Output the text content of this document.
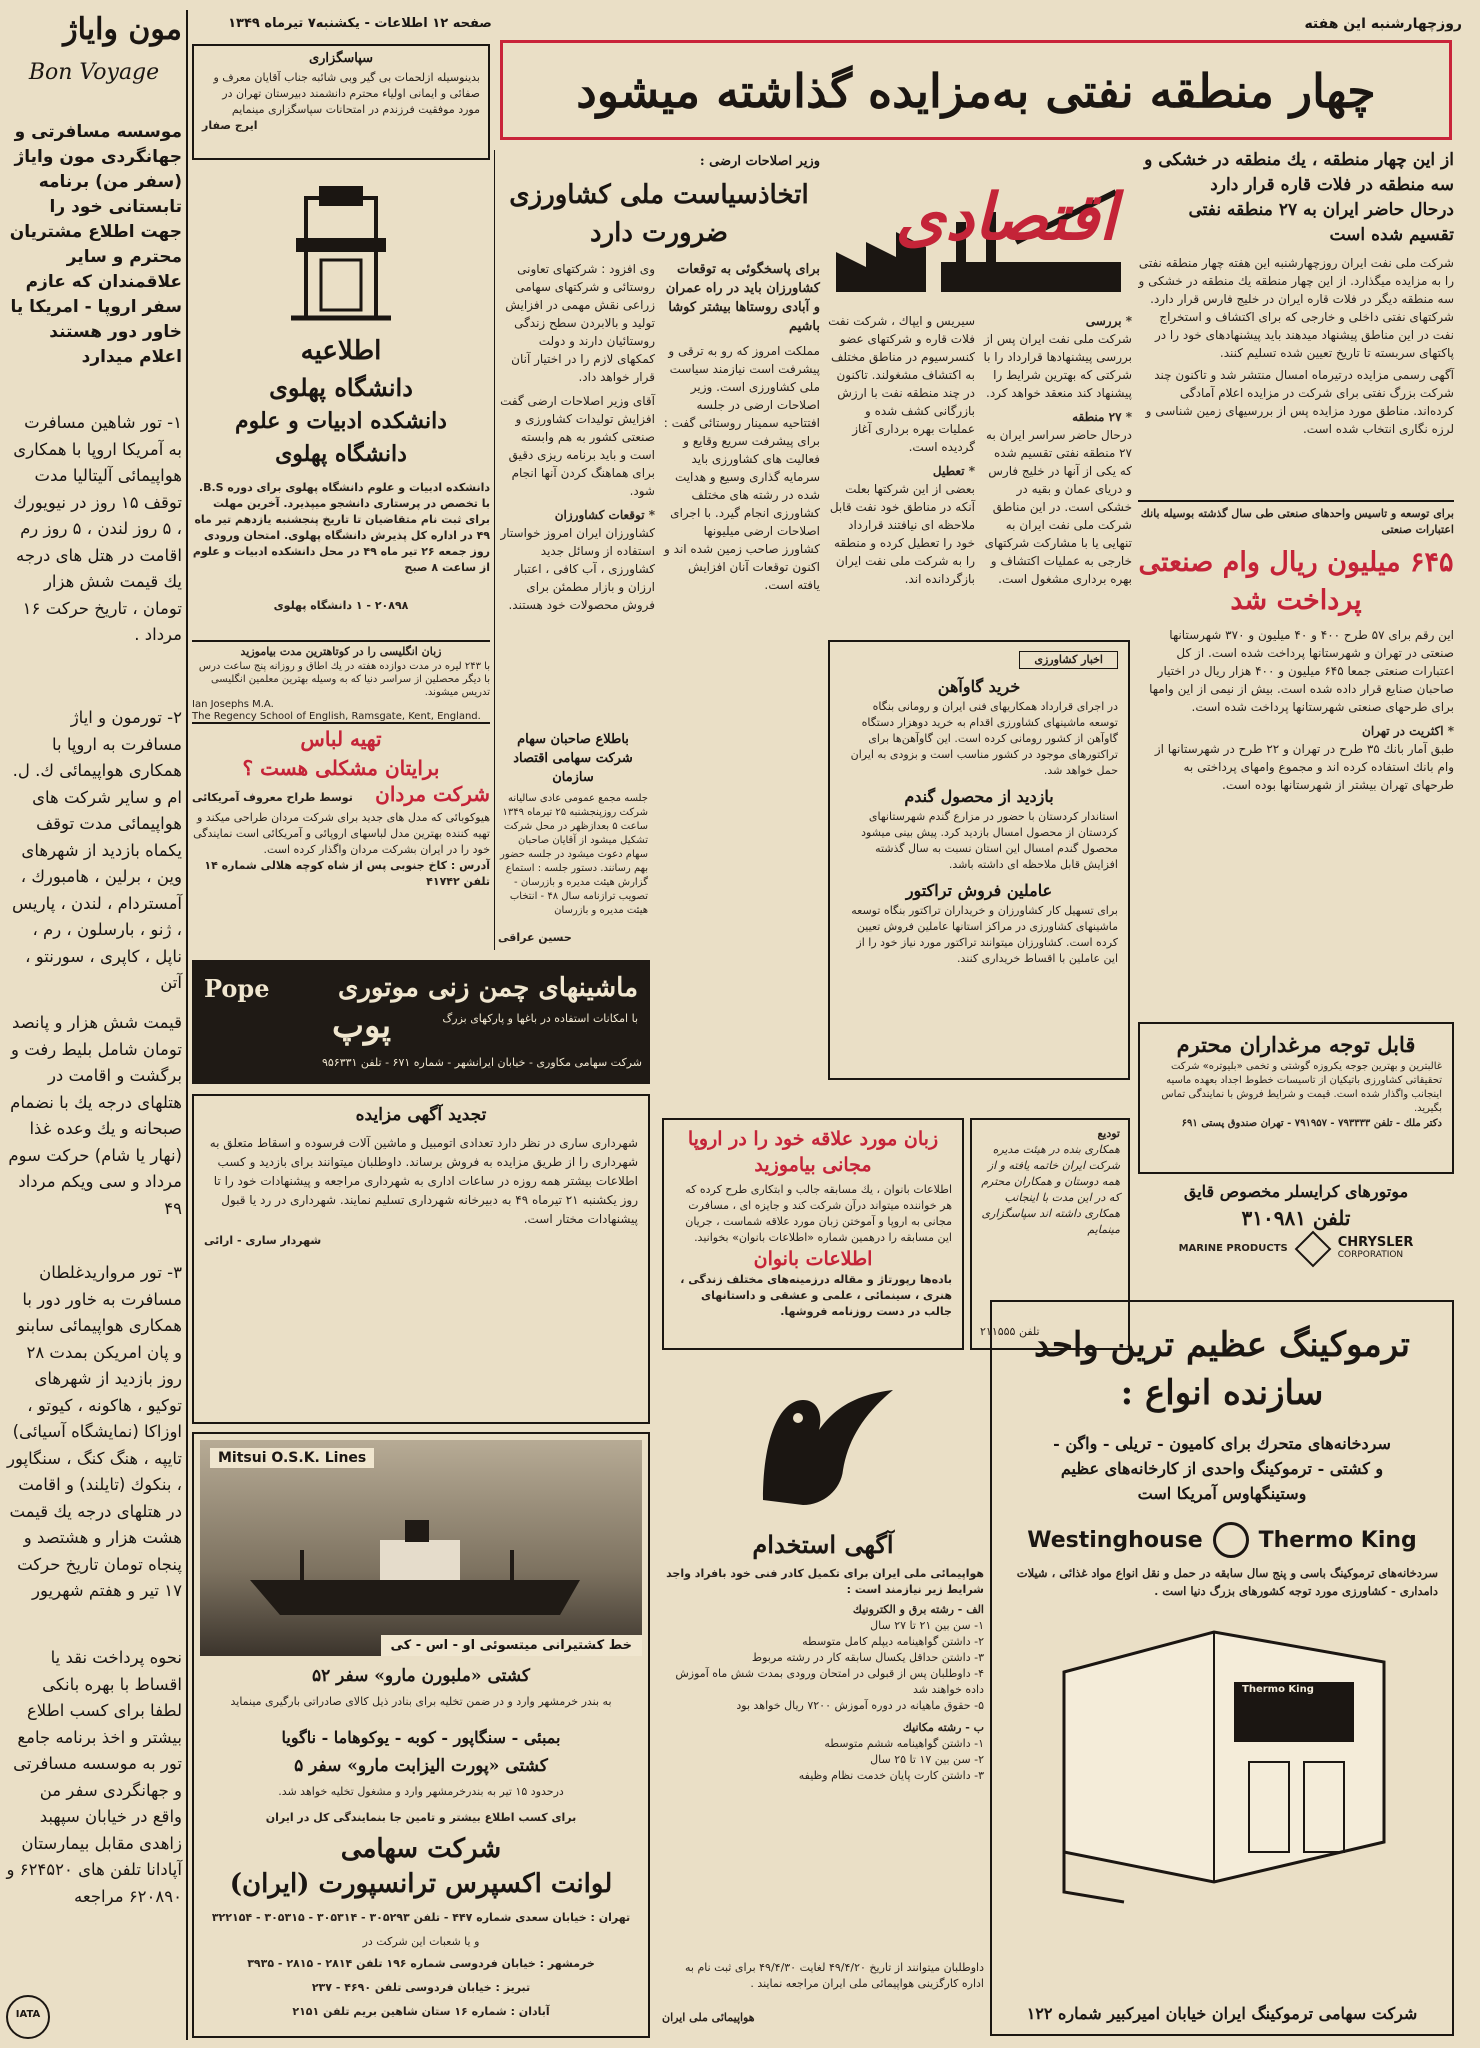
مون وایاژ
Bon Voyage
موسسه مسافرتی و جهانگردی مون وایاژ (سفر من) برنامه تابستانی خود را جهت اطلاع مشتریان محترم و سایر علاقمندان که عازم سفر اروپا - امریکا یا خاور دور هستند اعلام میدارد
۱- تور شاهین مسافرت به آمریکا اروپا با همکاری هواپیمائی آلیتالیا مدت توقف ۱۵ روز در نیویورك ، ۵ روز لندن ، ۵ روز رم اقامت در هتل های درجه یك قیمت شش هزار تومان ، تاریخ حرکت ۱۶ مرداد .
۲- تورمون و ایاژ مسافرت به اروپا با همکاری هواپیمائی ك. ل. ام و سایر شرکت های هواپیمائی مدت توقف یکماه بازدید از شهرهای وین ، برلین ، هامبورك ، آمستردام ، لندن ، پاریس ، ژنو ، بارسلون ، رم ، ناپل ، کاپری ، سورنتو ، آتن
قیمت شش هزار و پانصد تومان شامل بلیط رفت و برگشت و اقامت در هتلهای درجه یك با نضمام صبحانه و یك وعده غذا (نهار یا شام) حرکت سوم مرداد و سی ویکم مرداد ۴۹
۳- تور مرواریدغلطان مسافرت به خاور دور با همکاری هواپیمائی سابنو و پان امریکن بمدت ۲۸ روز بازدید از شهرهای توکیو ، هاکونه ، کیوتو ، اوزاکا (نمایشگاه آسیائی) تایپه ، هنگ کنگ ، سنگاپور ، بنکوك (تایلند) و اقامت در هتلهای درجه یك قیمت هشت هزار و هشتصد و پنجاه تومان تاریخ حرکت ۱۷ تیر و هفتم شهریور
نحوه پرداخت نقد یا اقساط با بهره بانکی لطفا برای کسب اطلاع بیشتر و اخذ برنامه جامع تور به موسسه مسافرتی و جهانگردی سفر من واقع در خیابان سپهبد زاهدی مقابل بیمارستان آپادانا تلفن های ۶۲۴۵۲۰ و ۶۲۰۸۹۰ مراجعه
IATA
صفحه ۱۲ اطلاعات - یکشنبه۷ تیرماه ۱۳۴۹	روزچهارشنبه این هفته
سپاسگزاری
بدینوسیله ازلحمات بی گیر وبی شائبه جناب آقایان معرف و صفائی و ایمانی اولیاء محترم دانشمند دبیرستان تهران در مورد موفقیت فرزندم در امتحانات سپاسگزاری مینمایم
ایرج صفار
چهار منطقه نفتی به‌مزایده گذاشته میشود
اطلاعیه
دانشگاه پهلوی
دانشکده ادبیات و علوم
دانشگاه پهلوی
دانشکده ادبیات و علوم دانشگاه پهلوی برای دوره B.S. با تخصص در پرستاری دانشجو میپذیرد. آخرین مهلت برای ثبت نام متقاضیان تا تاریخ پنجشنبه یازدهم تیر ماه ۴۹ در اداره کل پذیرش دانشگاه پهلوی. امتحان ورودی روز جمعه ۲۶ تیر ماه ۴۹ در محل دانشکده ادبیات و علوم از ساعت ۸ صبح
۲۰۸۹۸ - ۱ دانشگاه پهلوی
زبان انگلیسی را در کوتاهترین مدت بیاموزید
با ۲۴۳ لیره در مدت دوازده هفته در یك اطاق و روزانه پنج ساعت درس با دیگر محصلین از سراسر دنیا که به وسیله بهترین معلمین انگلیسی تدریس میشوند.
Ian Josephs M.A.
The Regency School of English, Ramsgate, Kent, England.
تهیه لباس
برایتان مشکلی هست ؟
شرکت مردان
توسط طراح معروف آمریکائی
هیوکوبائی که مدل های جدید برای شرکت مردان طراحی میکند و تهیه کننده بهترین مدل لباسهای اروپائی و آمریکائی است نمایندگی خود را در ایران بشرکت مردان واگذار کرده است.
آدرس : کاخ جنوبی پس از شاه کوچه هلالی شماره ۱۴
تلفن ۴۱۷۴۲
Pope	ماشینهای چمن زنی موتوری
با امکانات استفاده در باغها و پارکهای بزرگ
پوپ
شرکت سهامی مکاوری - خیابان ایرانشهر - شماره ۶۷۱ - تلفن ۹۵۶۳۳۱
تجدید آگهی مزایده
شهرداری ساری در نظر دارد تعدادی اتومبیل و ماشین آلات فرسوده و اسقاط متعلق به شهرداری را از طریق مزایده به فروش برساند. داوطلبان میتوانند برای بازدید و کسب اطلاعات بیشتر همه روزه در ساعات اداری به شهرداری مراجعه و پیشنهادات خود را تا روز یکشنبه ۲۱ تیرماه ۴۹ به دبیرخانه شهرداری تسلیم نمایند. شهرداری در رد یا قبول پیشنهادات مختار است.
شهردار ساری - ارائی
Mitsui O.S.K. Lines
خط کشتیرانی میتسوئی او - اس - کی
کشتی «ملبورن مارو» سفر ۵۲
به بندر خرمشهر وارد و در ضمن تخلیه برای بنادر ذیل کالای صادراتی بارگیری مینماید
بمبئی - سنگاپور - کوبه - یوکوهاما - ناگویا
کشتی «پورت الیزابت مارو» سفر ۵
درحدود ۱۵ تیر به بندرخرمشهر وارد و مشغول تخلیه خواهد شد.
برای کسب اطلاع بیشتر و تامین جا بنمایندگی کل در ایران
شرکت سهامی
لوانت اکسپرس ترانسپورت (ایران)
تهران : خیابان سعدی شماره ۴۴۷ - تلفن ۳۰۵۲۹۳ - ۳۰۵۳۱۴ - ۳۰۵۳۱۵ - ۳۲۲۱۵۴
و یا شعبات این شرکت در
خرمشهر : خیابان فردوسی شماره ۱۹۶ تلفن ۲۸۱۴ - ۲۸۱۵ - ۳۹۳۵
تبریز : خیابان فردوسی تلفن ۴۶۹۰ - ۲۳۷
آبادان : شماره ۱۶ ستان شاهین بریم تلفن ۲۱۵۱
وزیر اصلاحات ارضی :
اتخاذسیاست ملی کشاورزی ضرورت دارد
برای پاسخگوئی به توقعات کشاورزان باید در راه عمران و آبادی روستاها بیشتر کوشا باشیم
مملکت امروز که رو به ترقی و پیشرفت است نیازمند سیاست ملی کشاورزی است. وزیر اصلاحات ارضی در جلسه افتتاحیه سمینار روستائی گفت : برای پیشرفت سریع وقایع و فعالیت های کشاورزی باید سرمایه گذاری وسیع و هدایت شده در رشته های مختلف کشاورزی انجام گیرد. با اجرای اصلاحات ارضی میلیونها کشاورز صاحب زمین شده اند و اکنون توقعات آنان افزایش یافته است.
وی افزود : شرکتهای تعاونی روستائی و شرکتهای سهامی زراعی نقش مهمی در افزایش تولید و بالابردن سطح زندگی روستائیان دارند و دولت کمکهای لازم را در اختیار آنان قرار خواهد داد.
آقای وزیر اصلاحات ارضی گفت افزایش تولیدات کشاورزی و صنعتی کشور به هم وابسته است و باید برنامه ریزی دقیق برای هماهنگ کردن آنها انجام شود.
* توقعات کشاورزان
کشاورزان ایران امروز خواستار استفاده از وسائل جدید کشاورزی ، آب کافی ، اعتبار ارزان و بازار مطمئن برای فروش محصولات خود هستند.
باطلاع صاحبان سهام شرکت سهامی اقتصاد سازمان
جلسه مجمع عمومی عادی سالیانه شرکت روزپنجشنبه ۲۵ تیرماه ۱۳۴۹ ساعت ۵ بعدازظهر در محل شرکت تشکیل میشود از آقایان صاحبان سهام دعوت میشود در جلسه حضور بهم رسانند. دستور جلسه : استماع گزارش هیئت مدیره و بازرسان - تصویب ترازنامه سال ۴۸ - انتخاب هیئت مدیره و بازرسان
حسین عراقی
اقتصادی
از این چهار منطقه ، یك منطقه در خشکی و سه منطقه در فلات قاره قرار دارد
درحال حاضر ایران به ۲۷ منطقه نفتی تقسیم شده است
شرکت ملی نفت ایران روزچهارشنبه این هفته چهار منطقه نفتی را به مزایده میگذارد. از این چهار منطقه یك منطقه در خشکی و سه منطقه دیگر در فلات قاره ایران در خلیج فارس قرار دارد. شرکتهای نفتی داخلی و خارجی که برای اکتشاف و استخراج نفت در این مناطق پیشنهاد میدهند باید پیشنهادهای خود را در پاکتهای سربسته تا تاریخ تعیین شده تسلیم کنند.
آگهی رسمی مزایده درتیرماه امسال منتشر شد و تاکنون چند شرکت بزرگ نفتی برای شرکت در مزایده اعلام آمادگی کرده‌اند. مناطق مورد مزایده پس از بررسیهای زمین شناسی و لرزه نگاری انتخاب شده است.
* بررسی
شرکت ملی نفت ایران پس از بررسی پیشنهادها قرارداد را با شرکتی که بهترین شرایط را پیشنهاد کند منعقد خواهد کرد.
* ۲۷ منطقه
درحال حاضر سراسر ایران به ۲۷ منطقه نفتی تقسیم شده که یکی از آنها در خلیج فارس و دریای عمان و بقیه در خشکی است. در این مناطق شرکت ملی نفت ایران به تنهایی یا با مشارکت شرکتهای خارجی به عملیات اکتشاف و بهره برداری مشغول است.
سیریس و ایپاك ، شرکت نفت فلات قاره و شرکتهای عضو کنسرسیوم در مناطق مختلف به اکتشاف مشغولند. تاکنون در چند منطقه نفت با ارزش بازرگانی کشف شده و عملیات بهره برداری آغاز گردیده است.
* تعطیل
بعضی از این شرکتها بعلت آنکه در مناطق خود نفت قابل ملاحظه ای نیافتند قرارداد خود را تعطیل کرده و منطقه را به شرکت ملی نفت ایران بازگردانده اند.
برای توسعه و تاسیس واحدهای صنعتی طی سال گذشته بوسیله بانك اعتبارات صنعتی
۶۴۵ میلیون ریال وام صنعتی پرداخت شد
این رقم برای ۵۷ طرح ۴۰۰ و ۴۰ میلیون و ۳۷۰ شهرستانها صنعتی در تهران و شهرستانها پرداخت شده است. از کل اعتبارات صنعتی جمعا ۶۴۵ میلیون و ۴۰۰ هزار ریال در اختیار صاحبان صنایع قرار داده شده است. بیش از نیمی از این وامها برای طرحهای صنعتی شهرستانها پرداخت شده است.
* اکثریت در تهران
طبق آمار بانك ۳۵ طرح در تهران و ۲۲ طرح در شهرستانها از وام بانك استفاده کرده اند و مجموع وامهای پرداختی به طرحهای تهران بیشتر از شهرستانها بوده است.
اخبار کشاورزی
خرید گاوآهن
در اجرای قرارداد همکاریهای فنی ایران و رومانی بنگاه توسعه ماشینهای کشاورزی اقدام به خرید دوهزار دستگاه گاوآهن از کشور رومانی کرده است. این گاوآهن‌ها برای تراکتورهای موجود در کشور مناسب است و بزودی به ایران حمل خواهد شد.
بازدید از محصول گندم
استاندار کردستان با حضور در مزارع گندم شهرستانهای کردستان از محصول امسال بازدید کرد. پیش بینی میشود محصول گندم امسال این استان نسبت به سال گذشته افزایش قابل ملاحظه ای داشته باشد.
عاملین فروش تراکتور
برای تسهیل کار کشاورزان و خریداران تراکتور بنگاه توسعه ماشینهای کشاورزی در مراکز استانها عاملین فروش تعیین کرده است. کشاورزان میتوانند تراکتور مورد نیاز خود را از این عاملین با اقساط خریداری کنند.
زبان مورد علاقه خود را در اروپا مجانی بیاموزید
اطلاعات بانوان ، یك مسابقه جالب و ابتکاری طرح کرده که هر خواننده میتواند درآن شرکت کند و جایزه ای ، مسافرت مجانی به اروپا و آموختن زبان مورد علاقه شماست ، جریان این مسابقه را درهمین شماره «اطلاعات بانوان» بخوانید.
اطلاعات بانوان
باده‌ها رپورتاژ و مقاله درزمینه‌های مختلف زندگی ، هنری ، سینمائی ، علمی و عشقی و داستانهای جالب در دست روزنامه فروشها.
تودیع
همکاری بنده در هیئت مدیره شرکت ایران خاتمه یافته و از همه دوستان و همکاران محترم که در این مدت با اینجانب همکاری داشته اند سپاسگزاری مینمایم
تلفن ۲۱۱۵۵۵
قابل توجه مرغداران محترم
غالبترین و بهترین جوجه یکروزه گوشتی و تخمی «بلیوتره» شرکت تحقیقاتی کشاورزی باتیکیان از تاسیسات خطوط اجداد بعهده ماسیه اینجانب واگذار شده است. قیمت و شرایط فروش با نمایندگی تماس بگیرید.
دکتر ملك - تلفن ۷۹۳۳۳۳ - ۷۹۱۹۵۷ - تهران صندوق پستی ۶۹۱
موتورهای کرایسلر مخصوص قایق
تلفن ۳۱۰۹۸۱
MARINE PRODUCTS	CHRYSLER
CORPORATION
آگهی استخدام
هواپیمائی ملی ایران برای تکمیل کادر فنی خود بافراد واجد شرایط زیر نیازمند است :
الف - رشته برق و الکترونیك
۱- سن بین ۲۱ تا ۲۷ سال
۲- داشتن گواهینامه دیپلم کامل متوسطه
۳- داشتن حداقل یکسال سابقه کار در رشته مربوط
۴- داوطلبان پس از قبولی در امتحان ورودی بمدت شش ماه آموزش داده خواهند شد
۵- حقوق ماهیانه در دوره آموزش ۷۲۰۰ ریال خواهد بود
ب - رشته مکانیك
۱- داشتن گواهینامه ششم متوسطه
۲- سن بین ۱۷ تا ۲۵ سال
۳- داشتن کارت پایان خدمت نظام وظیفه
داوطلبان میتوانند از تاریخ ۴۹/۴/۲۰ لغایت ۴۹/۴/۳۰ برای ثبت نام به اداره کارگزینی هواپیمائی ملی ایران مراجعه نمایند .
هواپیمائی ملی ایران
ترموکینگ عظیم ترین واحد
سازنده انواع :
سردخانه‌های متحرك برای کامیون - تریلی - واگن -
و کشتی - ترموکینگ واحدی از کارخانه‌های عظیم
وستینگهاوس آمریکا است
Westinghouse	Thermo King
سردخانه‌های ترموکینگ باسی و پنج سال سابقه در حمل و نقل انواع مواد غذائی ، شیلات دامداری - کشاورزی مورد توجه کشورهای بزرگ دنیا است .
Thermo King
شرکت سهامی ترموکینگ ایران خیابان امیرکبیر شماره ۱۲۲
